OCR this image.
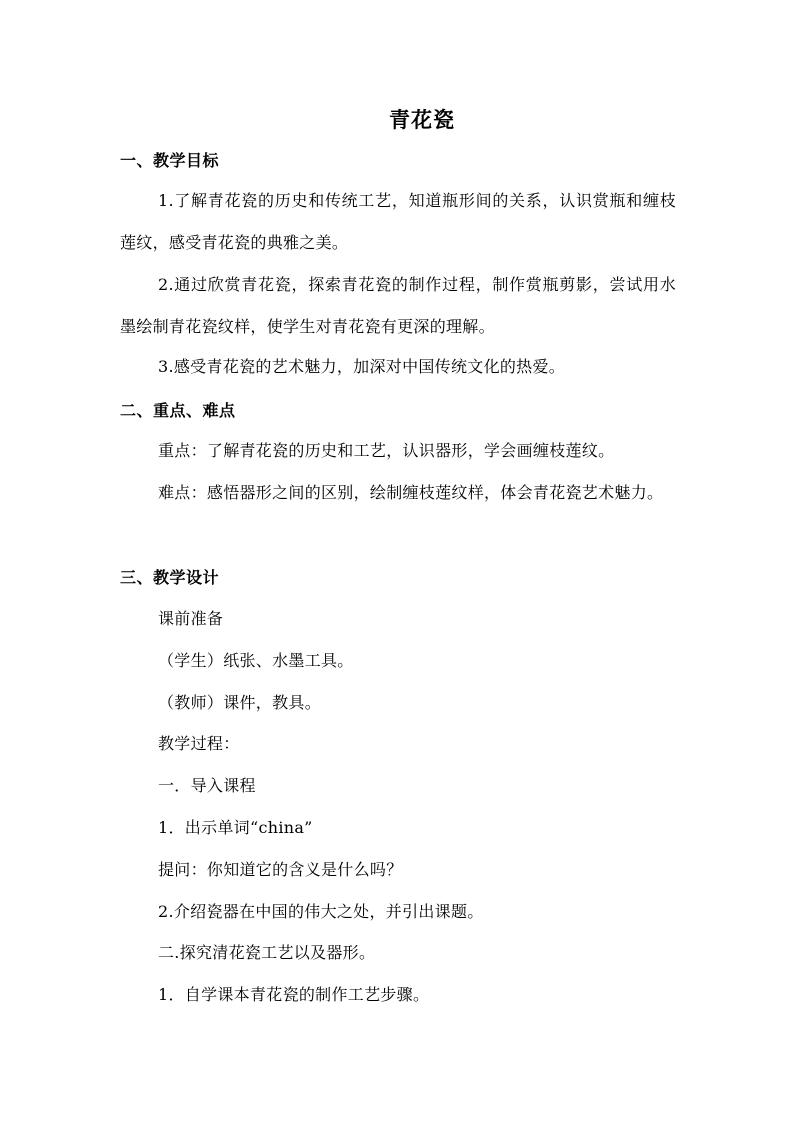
青花瓷
一、教学目标
1.了解青花瓷的历史和传统工艺，知道瓶形间的关系，认识赏瓶和缠枝莲纹，感受青花瓷的典雅之美。
2.通过欣赏青花瓷，探索青花瓷的制作过程，制作赏瓶剪影，尝试用水墨绘制青花瓷纹样，使学生对青花瓷有更深的理解。
3.感受青花瓷的艺术魅力，加深对中国传统文化的热爱。
二、重点、难点
重点：了解青花瓷的历史和工艺，认识器形，学会画缠枝莲纹。
难点：感悟器形之间的区别，绘制缠枝莲纹样，体会青花瓷艺术魅力。
三、教学设计
课前准备
（学生）纸张、水墨工具。
（教师）课件，教具。
教学过程：
一．导入课程
1．出示单词“china”
提问：你知道它的含义是什么吗？
2.介绍瓷器在中国的伟大之处，并引出课题。
二.探究清花瓷工艺以及器形。
1．自学课本青花瓷的制作工艺步骤。
